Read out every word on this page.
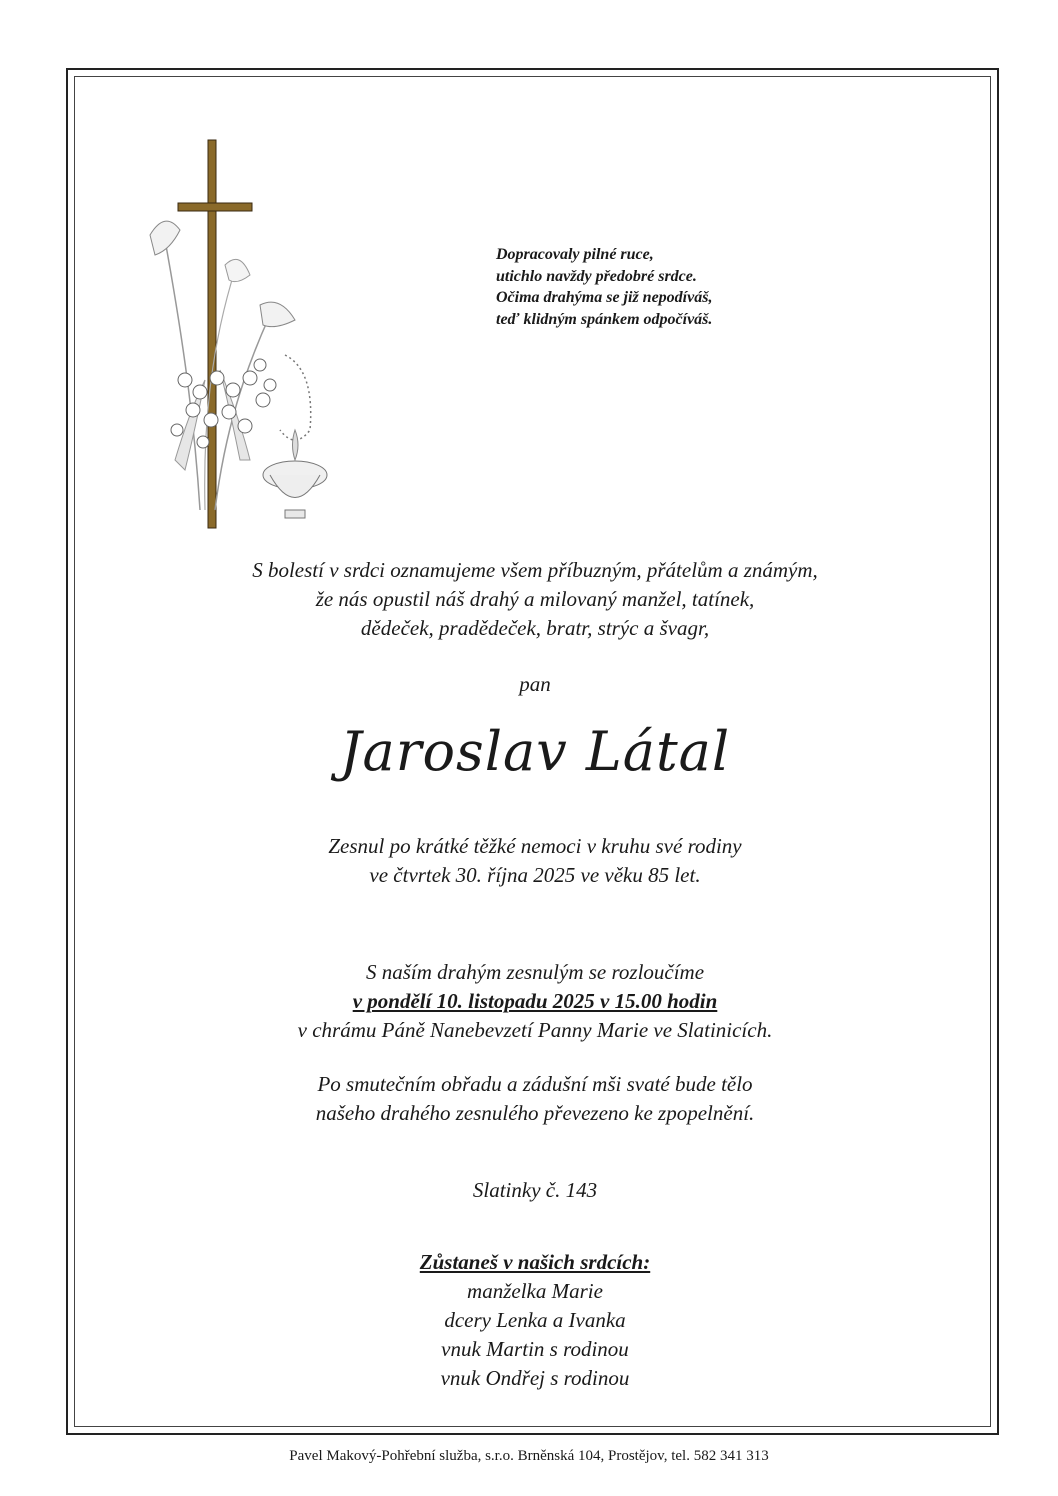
Dopracovaly pilné ruce,
utichlo navždy předobré srdce.
Očima drahýma se již nepodíváš,
teď klidným spánkem odpočíváš.
S bolestí v srdci oznamujeme všem příbuzným, přátelům a známým,
že nás opustil náš drahý a milovaný manžel, tatínek,
dědeček, pradědeček, bratr, strýc a švagr,
pan
Jaroslav Látal
Zesnul po krátké těžké nemoci v kruhu své rodiny
ve čtvrtek 30. října 2025 ve věku 85 let.
S naším drahým zesnulým se rozloučíme
v pondělí 10. listopadu 2025 v 15.00 hodin
v chrámu Páně Nanebevzetí Panny Marie ve Slatinicích.
Po smutečním obřadu a zádušní mši svaté bude tělo
našeho drahého zesnulého převezeno ke zpopelnění.
Slatinky č. 143
Zůstaneš v našich srdcích:
manželka Marie
dcery Lenka a Ivanka
vnuk Martin s rodinou
vnuk Ondřej s rodinou
Pavel Makový-Pohřební služba, s.r.o. Brněnská 104, Prostějov, tel. 582 341 313
